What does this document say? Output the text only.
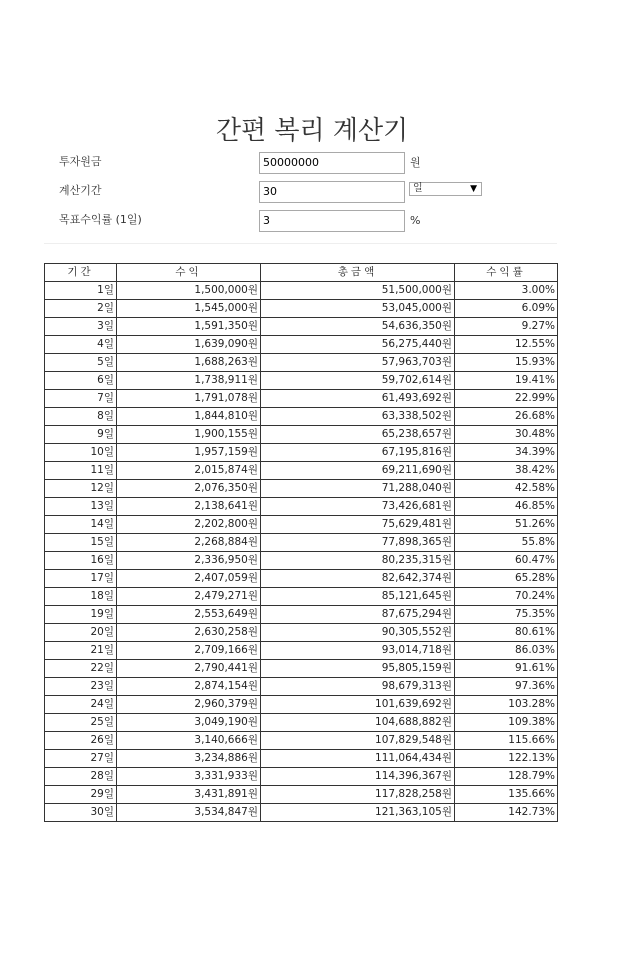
간편 복리 계산기
투자원금	50000000	원
계산기간	30	일	▼
목표수익률 (1일)	3	%
기간	수익	총금액	수익률
1일	1,500,000원	51,500,000원	3.00%
2일	1,545,000원	53,045,000원	6.09%
3일	1,591,350원	54,636,350원	9.27%
4일	1,639,090원	56,275,440원	12.55%
5일	1,688,263원	57,963,703원	15.93%
6일	1,738,911원	59,702,614원	19.41%
7일	1,791,078원	61,493,692원	22.99%
8일	1,844,810원	63,338,502원	26.68%
9일	1,900,155원	65,238,657원	30.48%
10일	1,957,159원	67,195,816원	34.39%
11일	2,015,874원	69,211,690원	38.42%
12일	2,076,350원	71,288,040원	42.58%
13일	2,138,641원	73,426,681원	46.85%
14일	2,202,800원	75,629,481원	51.26%
15일	2,268,884원	77,898,365원	55.8%
16일	2,336,950원	80,235,315원	60.47%
17일	2,407,059원	82,642,374원	65.28%
18일	2,479,271원	85,121,645원	70.24%
19일	2,553,649원	87,675,294원	75.35%
20일	2,630,258원	90,305,552원	80.61%
21일	2,709,166원	93,014,718원	86.03%
22일	2,790,441원	95,805,159원	91.61%
23일	2,874,154원	98,679,313원	97.36%
24일	2,960,379원	101,639,692원	103.28%
25일	3,049,190원	104,688,882원	109.38%
26일	3,140,666원	107,829,548원	115.66%
27일	3,234,886원	111,064,434원	122.13%
28일	3,331,933원	114,396,367원	128.79%
29일	3,431,891원	117,828,258원	135.66%
30일	3,534,847원	121,363,105원	142.73%
